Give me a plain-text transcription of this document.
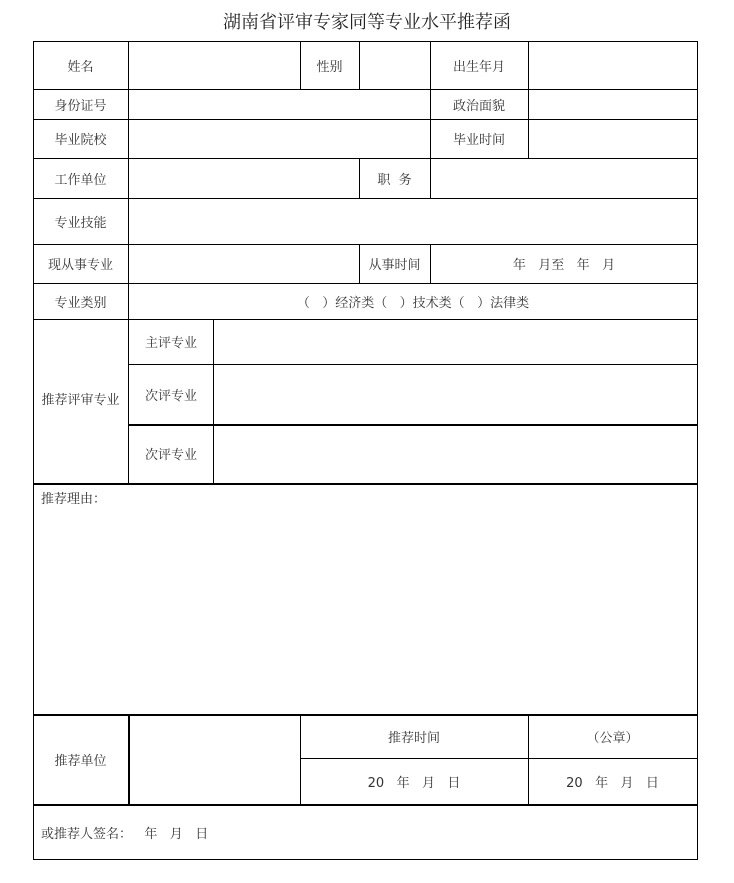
湖南省评审专家同等专业水平推荐函
姓名	性别	出生年月
身份证号	政治面貌
毕业院校	毕业时间
工作单位	职  务
专业技能
现从事专业	从事时间	年   月至   年   月
专业类别	（   ）经济类（   ）技术类（   ）法律类
推荐评审专业
主评专业
次评专业
次评专业
推荐理由：
推荐单位
推荐时间	（公章）
20   年   月   日	20   年   月   日
或推荐人签名：   年   月   日
